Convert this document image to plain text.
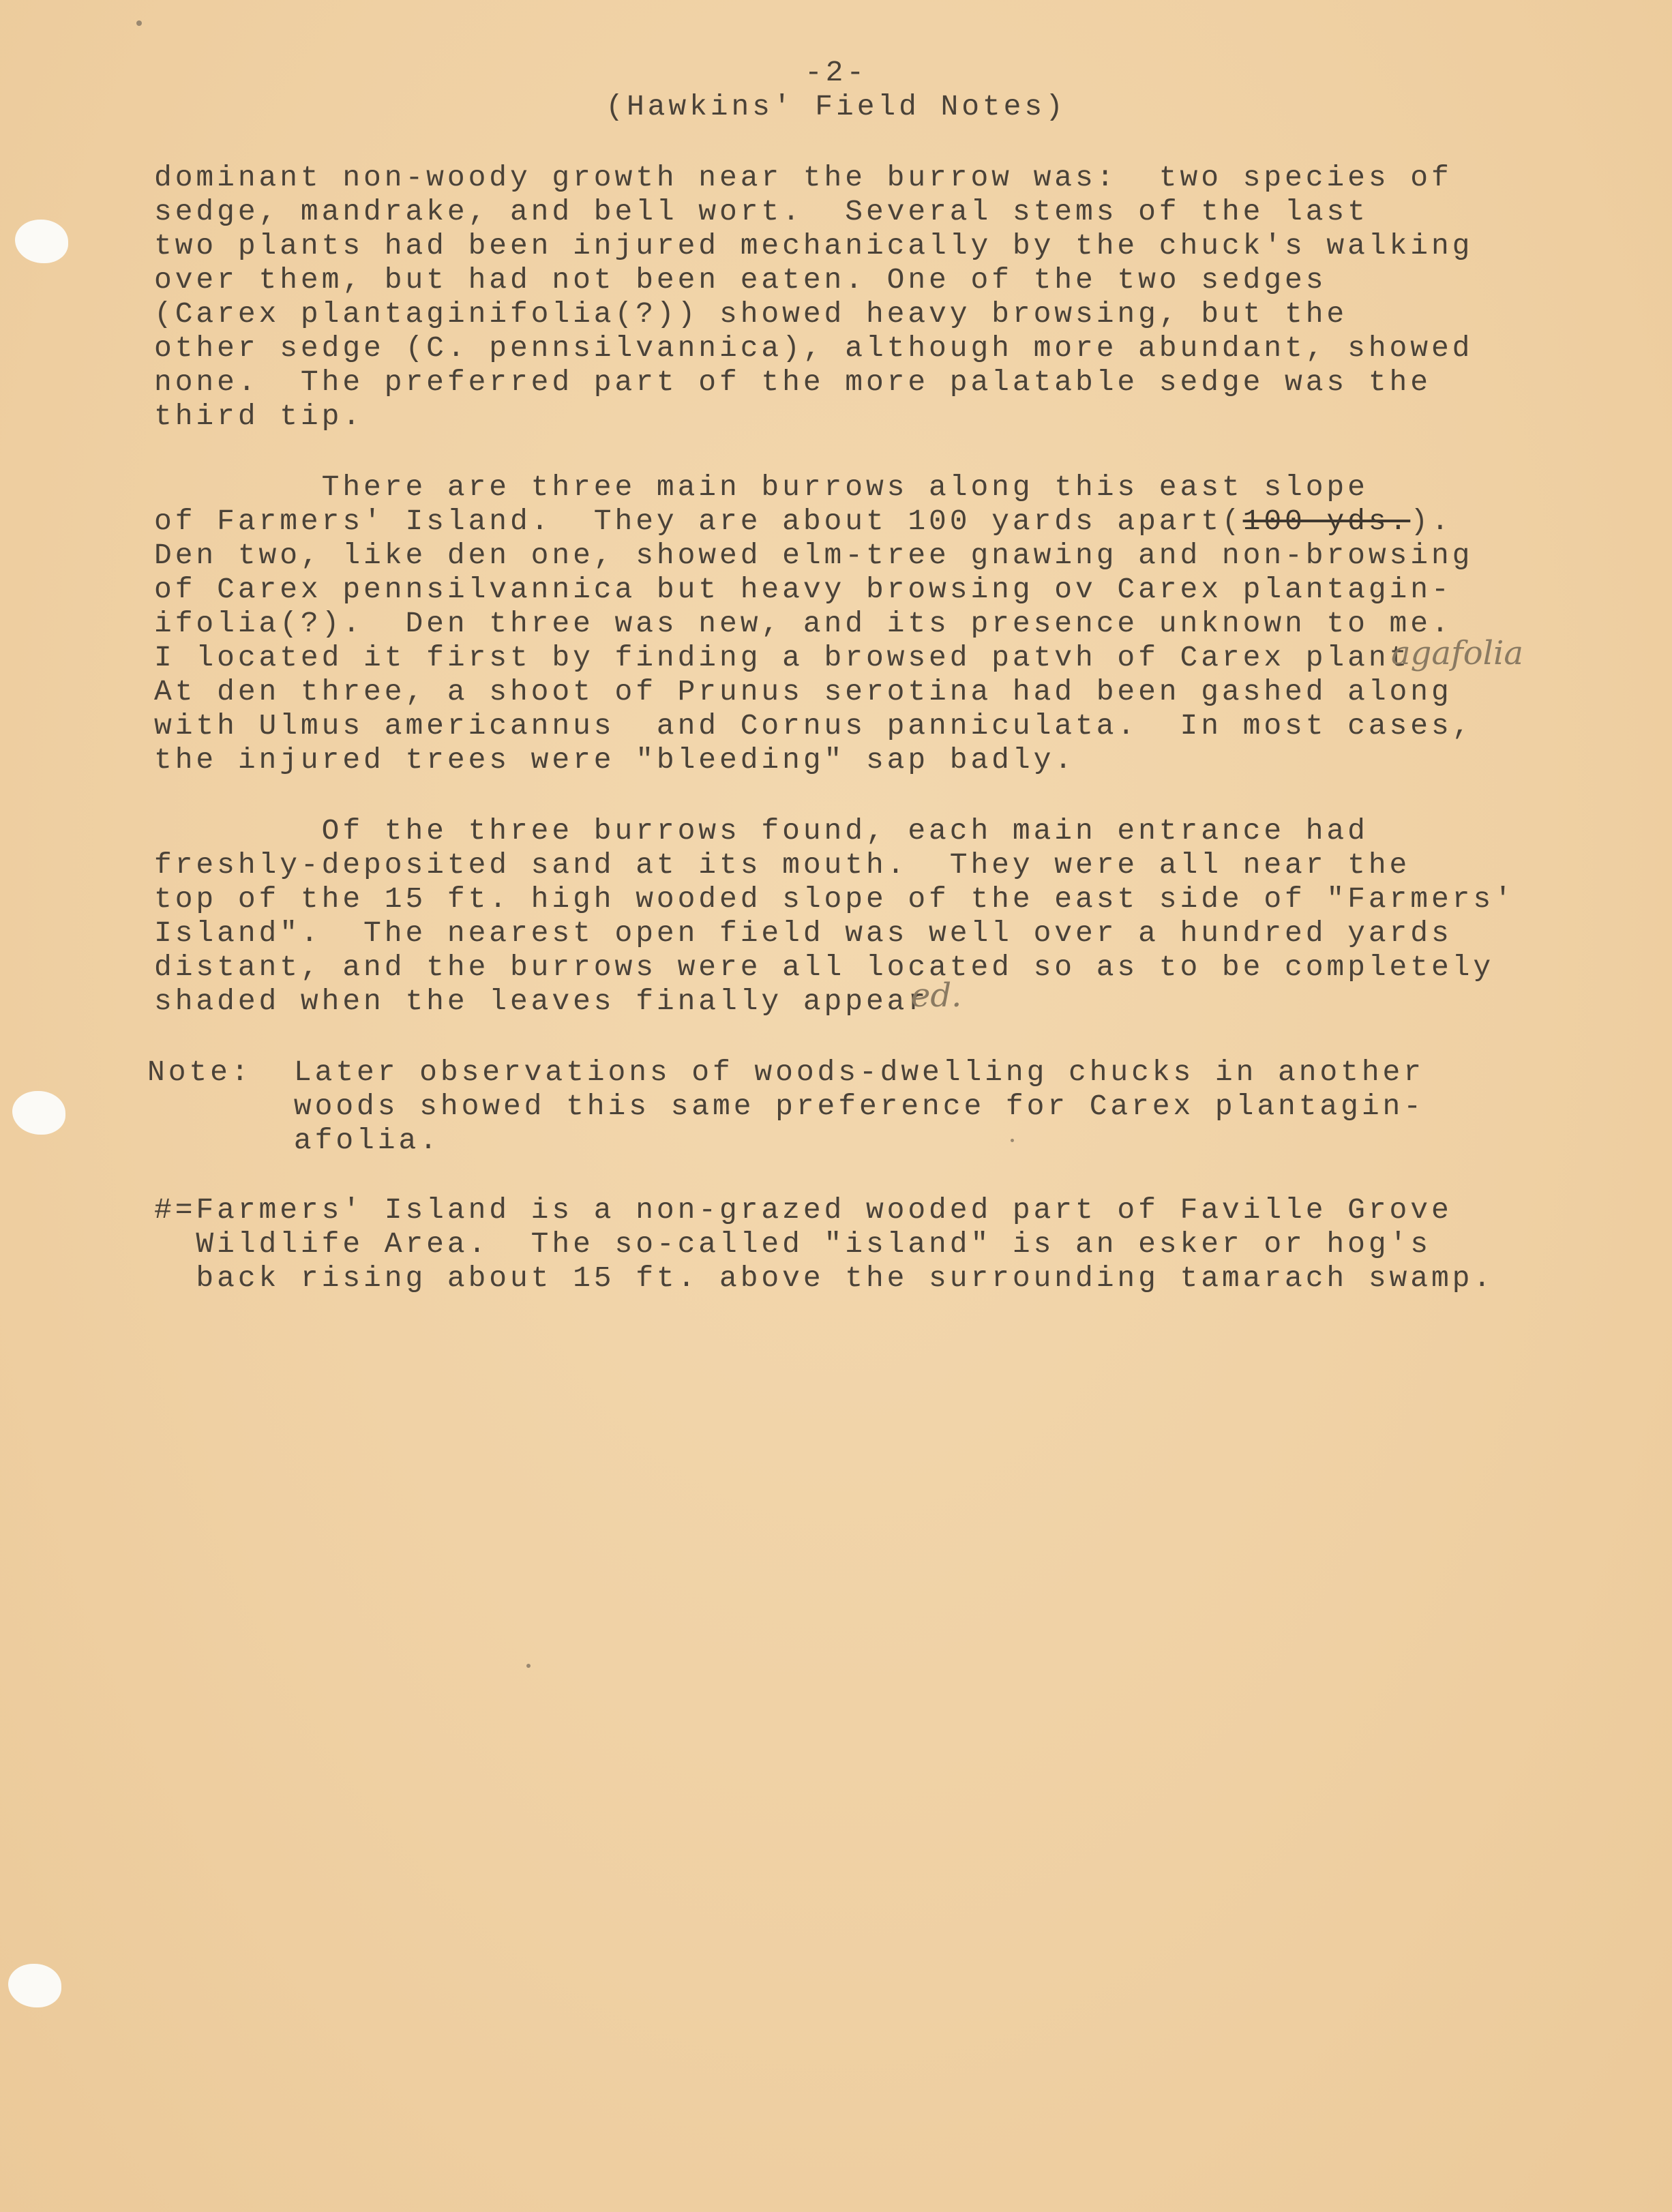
-2-
(Hawkins' Field Notes)
dominant non-woody growth near the burrow was:  two species of
sedge, mandrake, and bell wort.  Several stems of the last
two plants had been injured mechanically by the chuck's walking
over them, but had not been eaten. One of the two sedges
(Carex plantaginifolia(?)) showed heavy browsing, but the
other sedge (C. pennsilvannica), although more abundant, showed
none.  The preferred part of the more palatable sedge was the
third tip.
There are three main burrows along this east slope
of Farmers' Island.  They are about 100 yards apart(100 yds.).
Den two, like den one, showed elm-tree gnawing and non-browsing
of Carex pennsilvannica but heavy browsing ov Carex plantagin-
ifolia(?).  Den three was new, and its presence unknown to me.
I located it first by finding a browsed patvh of Carex plant
At den three, a shoot of Prunus serotina had been gashed along
with Ulmus americannus  and Cornus panniculata.  In most cases,
the injured trees were "bleeding" sap badly.
agafolia
Of the three burrows found, each main entrance had
freshly-deposited sand at its mouth.  They were all near the
top of the 15 ft. high wooded slope of the east side of "Farmers'
Island".  The nearest open field was well over a hundred yards
distant, and the burrows were all located so as to be completely
shaded when the leaves finally appear
ed.
Note:  Later observations of woods-dwelling chucks in another
woods showed this same preference for Carex plantagin-
afolia.
#=Farmers' Island is a non-grazed wooded part of Faville Grove
Wildlife Area.  The so-called "island" is an esker or hog's
back rising about 15 ft. above the surrounding tamarach swamp.
